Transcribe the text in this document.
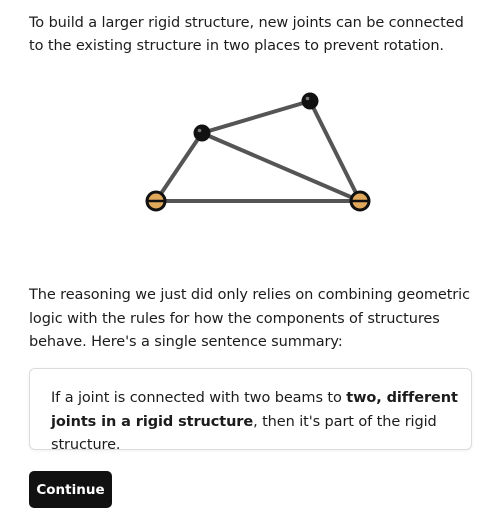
To build a larger rigid structure, new joints can be connected to the existing structure in two places to prevent rotation.

The reasoning we just did only relies on combining geometric logic with the rules for how the components of structures behave. Here's a single sentence summary:

If a joint is connected with two beams to two, different joints in a rigid structure, then it's part of the rigid structure.

Continue
